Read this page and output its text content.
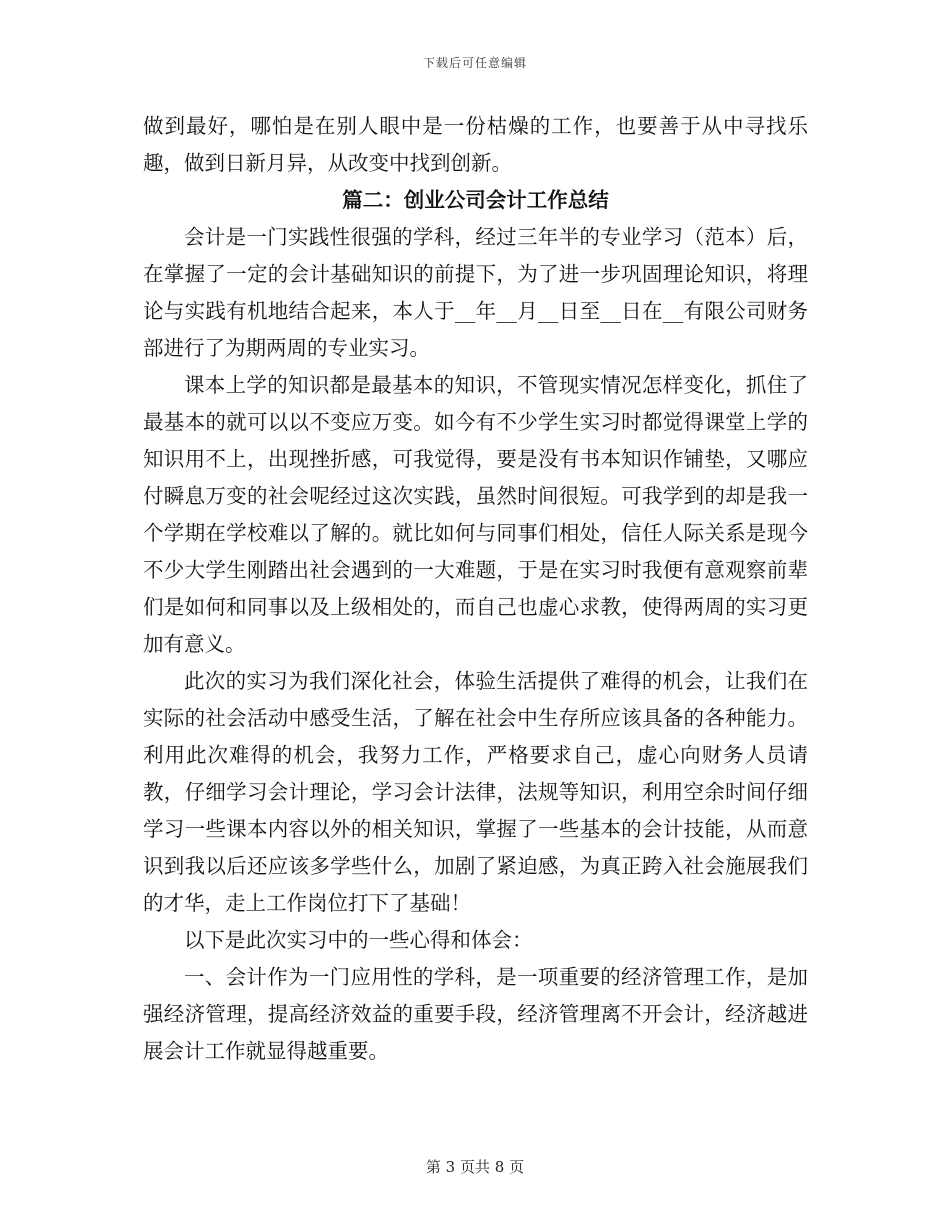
下载后可任意编辑

做到最好，哪怕是在别人眼中是一份枯燥的工作，也要善于从中寻找乐趣，做到日新月异，从改变中找到创新。

篇二：创业公司会计工作总结

会计是一门实践性很强的学科，经过三年半的专业学习（范本）后，在掌握了一定的会计基础知识的前提下，为了进一步巩固理论知识，将理论与实践有机地结合起来，本人于__年__月__日至__日在__有限公司财务部进行了为期两周的专业实习。

课本上学的知识都是最基本的知识，不管现实情况怎样变化，抓住了最基本的就可以以不变应万变。如今有不少学生实习时都觉得课堂上学的知识用不上，出现挫折感，可我觉得，要是没有书本知识作铺垫，又哪应付瞬息万变的社会呢经过这次实践，虽然时间很短。可我学到的却是我一个学期在学校难以了解的。就比如何与同事们相处，信任人际关系是现今不少大学生刚踏出社会遇到的一大难题，于是在实习时我便有意观察前辈们是如何和同事以及上级相处的，而自己也虚心求教，使得两周的实习更加有意义。

此次的实习为我们深化社会，体验生活提供了难得的机会，让我们在实际的社会活动中感受生活，了解在社会中生存所应该具备的各种能力。利用此次难得的机会，我努力工作，严格要求自己，虚心向财务人员请教，仔细学习会计理论，学习会计法律，法规等知识，利用空余时间仔细学习一些课本内容以外的相关知识，掌握了一些基本的会计技能，从而意识到我以后还应该多学些什么，加剧了紧迫感，为真正跨入社会施展我们的才华，走上工作岗位打下了基础！

以下是此次实习中的一些心得和体会：

一、会计作为一门应用性的学科，是一项重要的经济管理工作，是加强经济管理，提高经济效益的重要手段，经济管理离不开会计，经济越进展会计工作就显得越重要。

第 3 页共 8 页
